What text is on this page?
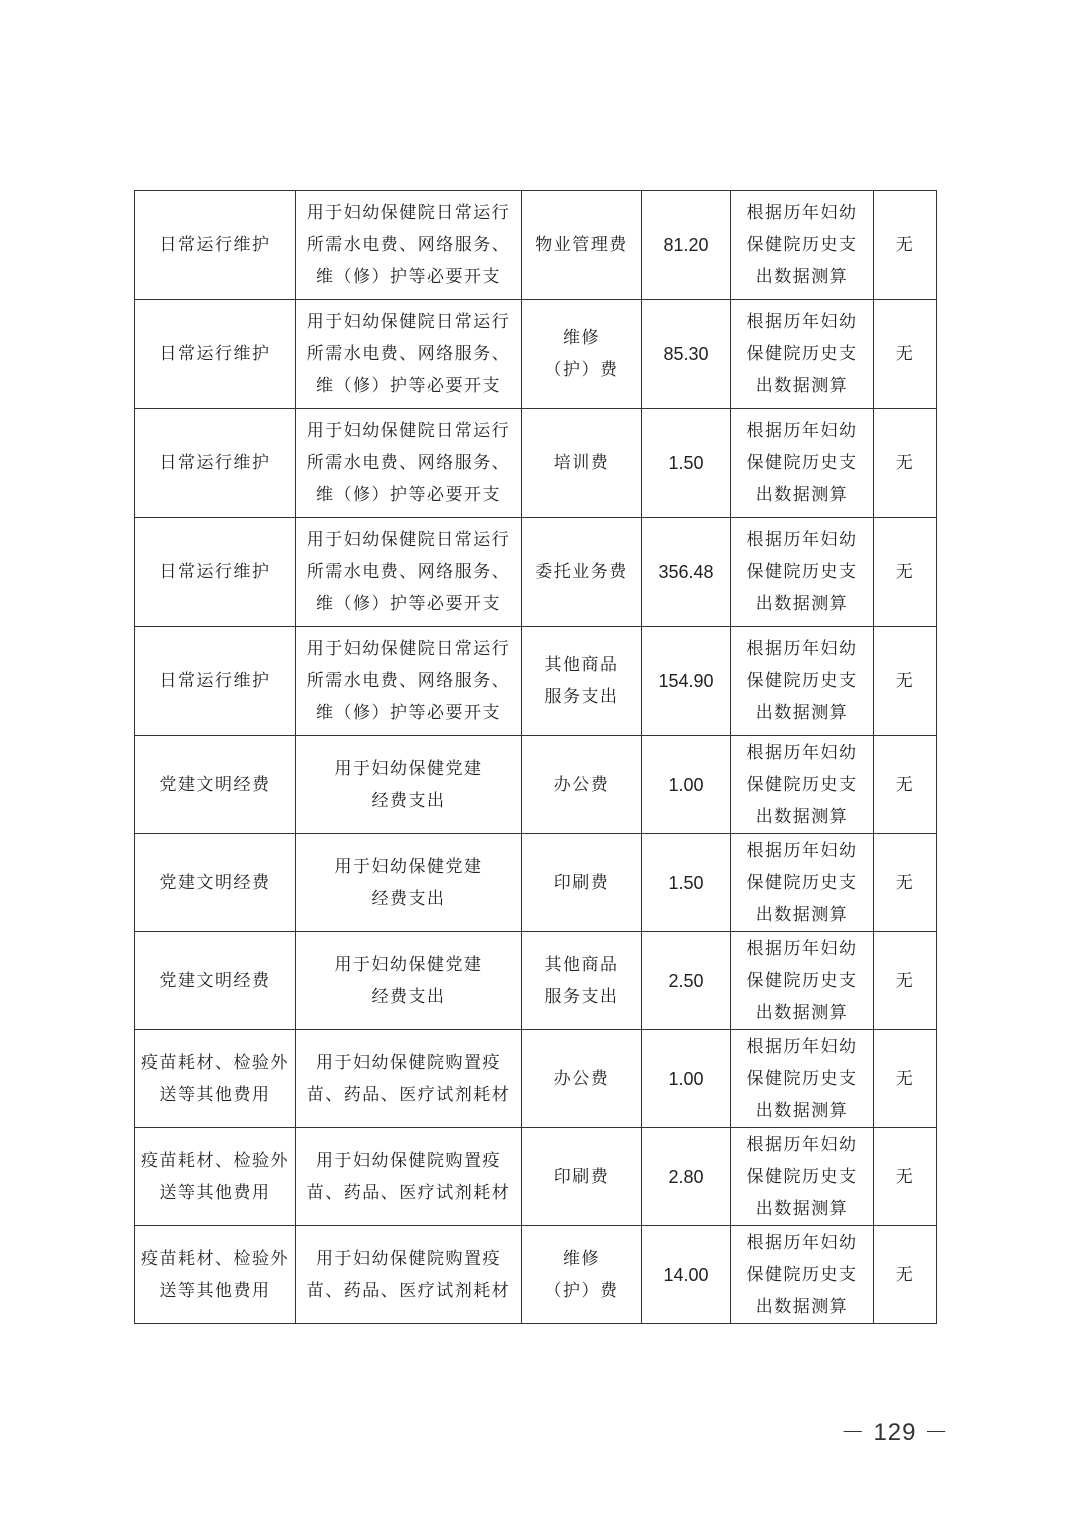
日常运行维护	用于妇幼保健院日常运行
所需水电费、网络服务、
维（修）护等必要开支	物业管理费	81.20	根据历年妇幼
保健院历史支
出数据测算	无

日常运行维护	用于妇幼保健院日常运行
所需水电费、网络服务、
维（修）护等必要开支	维修
（护）费	85.30	根据历年妇幼
保健院历史支
出数据测算	无

日常运行维护	用于妇幼保健院日常运行
所需水电费、网络服务、
维（修）护等必要开支	培训费	1.50	根据历年妇幼
保健院历史支
出数据测算	无

日常运行维护	用于妇幼保健院日常运行
所需水电费、网络服务、
维（修）护等必要开支	委托业务费	356.48	根据历年妇幼
保健院历史支
出数据测算	无

日常运行维护	用于妇幼保健院日常运行
所需水电费、网络服务、
维（修）护等必要开支	其他商品
服务支出	154.90	根据历年妇幼
保健院历史支
出数据测算	无

党建文明经费	用于妇幼保健党建
经费支出	办公费	1.00	根据历年妇幼
保健院历史支
出数据测算	无

党建文明经费	用于妇幼保健党建
经费支出	印刷费	1.50	根据历年妇幼
保健院历史支
出数据测算	无

党建文明经费	用于妇幼保健党建
经费支出	其他商品
服务支出	2.50	根据历年妇幼
保健院历史支
出数据测算	无

疫苗耗材、检验外
送等其他费用	用于妇幼保健院购置疫
苗、药品、医疗试剂耗材	办公费	1.00	根据历年妇幼
保健院历史支
出数据测算	无

疫苗耗材、检验外
送等其他费用	用于妇幼保健院购置疫
苗、药品、医疗试剂耗材	印刷费	2.80	根据历年妇幼
保健院历史支
出数据测算	无

疫苗耗材、检验外
送等其他费用	用于妇幼保健院购置疫
苗、药品、医疗试剂耗材	维修
（护）费	14.00	根据历年妇幼
保健院历史支
出数据测算	无
－ 129 －
